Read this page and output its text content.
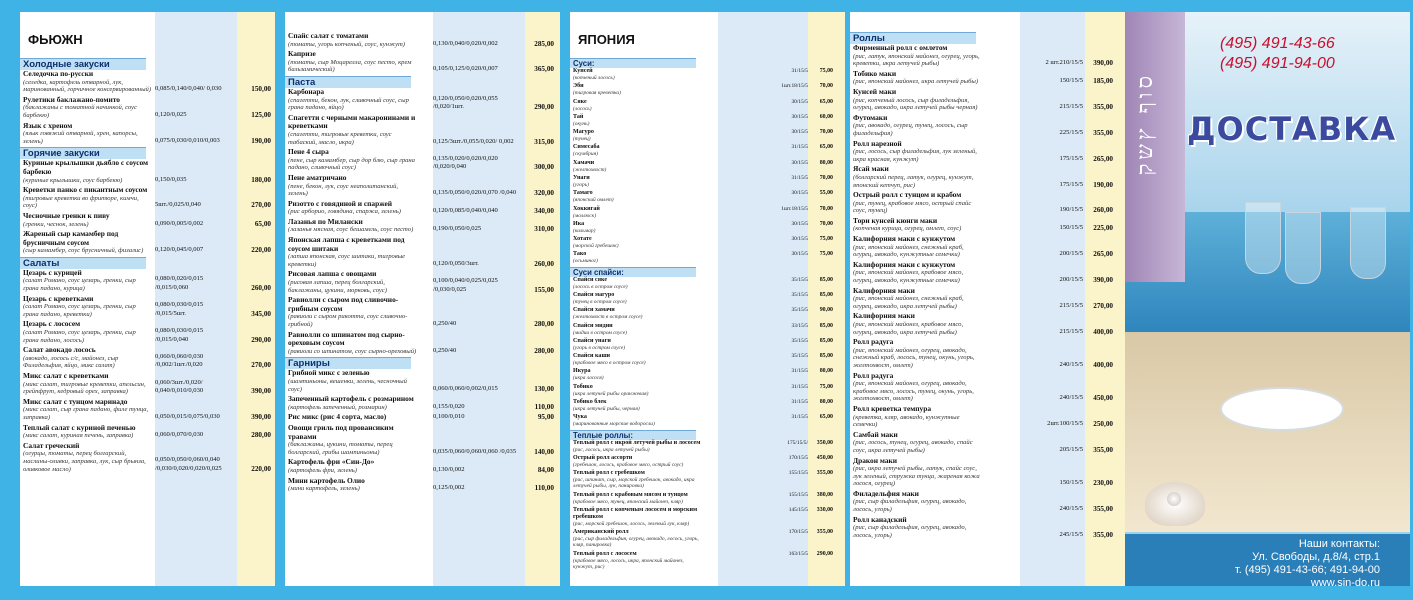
ФЬЮЖН
Холодные закуски
Селедочка по-русски
(селедка, картофель отварной, лук, маринованный, горчичное консервированный) 0,085/0,140/0,040/ 0,030	150,00
Рулетики баклажано-помито
(баклажаны с томатной начинкой, соус барбекю)	0,120/0,025	125,00
Язык с хреном
(язык говяжий отварной, хрен, капорсы, зелень)	0,075/0,030/0,010/0,003	190,00
Горячие закуски
Куриные крылышки дьябло с соусом барбекю
(куриные крылышки, соус барбекю)	0,150/0,035	180,00
Креветки панко с пикантным соусом
(тигровые креветки во фритюре, кимчи, соус)	5шт./0,025/0,040	270,00
Чесночные гренки к пиву
(гренки, чеснок, зелень)	0,090/0,005/0,002	65,00
Жареный сыр камамбер под брусничным соусом
(сыр камамбер, соус брусничный, физалис)	0,120/0,045/0,007	220,00
Салаты
Цезарь с курицей
(салат Романо, соус цезарь, гренки, сыр грана падано, курица)
0,080/0,020/0,015 /0,015/0,060	260,00
Цезарь с креветками
(салат Романо, соус цезарь, гренки, сыр грана падано, креветки)
0,080/0,030/0,015 /0,015/5шт.	345,00
Цезарь с лососем
(салат Романо, соус цезарь, гренки, сыр грана падано, лосось)
0,080/0,030/0,015 /0,015/0,040	290,00
Салат авокадо лосось
(авокадо, лосось с/с, майонез, сыр Филадельфия, яйцо, микс салат)
0,060/0,060/0,030 /0,002/1шт./0,020	270,00
Микс салат с креветками
(микс салат, тигровые креветки, апельсин, грейпфрут, кедровый орех, заправка)
0,060/3шт./0,020/ 0,040/0,010/0,030	390,00
Микс салат с тунцом маринадо
(микс салат, сыр грана падано, филе тунца, заправка)	0,050/0,015/0,075/0,030	390,00
Теплый салат с куриной печенью
(микс салат, куриная печень, заправка)	0,060/0,070/0,030	280,00
Салат греческий
(огурцы, томаты, перец болгарский, маслины-оливки, заправка, лук, сыр брынза, оливковое масло)
0,050/0,050/0,060/0,040 /0,030/0,020/0,020/0,025	220,00
Спайс салат с томатами
(томаты, угорь копченый, соус, кунжут)	0,130/0,040/0,020/0,002	285,00
Капризе
(томаты, сыр Моцарелла, соус песто, крем бальзамический)	0,105/0,125/0,020/0,007	365,00
Паста
Карбонара
(спагетти, бекон, лук, сливочный соус, сыр грана падано, яйцо)
0,120/0,050/0,020/0,055 /0,020/1шт.	290,00
Спагетти с черными макаронинами и креветками
(спагетти, тигровые креветки, соус табаский, масло, икра)	0,125/3шт./0,055/0,020/ 0,002	315,00
Пене 4 сыра
(пене, сыр камамбер, сыр дор блю, сыр грана падано, сливочный соус)
0,135/0,020/0,020/0,020 /0,020/0,040	300,00
Пене аматричано
(пене, бекон, лук, соус неаполитанский, зелень)	0,135/0,050/0,020/0,070 /0,040	320,00
Ризотто с говядиной и спаржей
(рис арборио, говядина, спаржа, зелень)	0,120/0,085/0,040/0,040	340,00
Лазанья по Милански
(лазанья мясная, соус бешамель, соус песто)	0,190/0,050/0,025	310,00
Японская лапша с креветками под соусом шитаки
(лапша японская, соус шитаки, тигровые креветки)	0,120/0,050/3шт.	260,00
Рисовая лапша с овощами
(рисовая лапша, перец болгарский, баклажаны, цукини, морковь, соус)
0,100/0,040/0,025/0,025 /0,030/0,025	155,00
Равиолли с сыром под сливочно-грибным соусом
(равиоли с сыром рикотта, соус сливочно-грибной)	0,250/40	280,00
Равиолли со шпинатом под сырно-ореховым соусом
(равиоли со шпинатом, соус сырно-ореховый)	0,250/40	280,00
Гарниры
Грибной микс с зеленью
(шампиньоны, вешенки, зелень, чесночный соус)	0,060/0,060/0,002/0,015	130,00
Запеченный картофель с розмарином
(картофель запеченный, розмарин)	0,155/0,020	110,00
Рис микс (рис 4 сорта, масло)	0,100/0,010	95,00
Овощи гриль под провансиким травами
(баклажаны, цукини, томаты, перец болгарский, грибы шампиньоны)	0,035/0,060/0,060/0,060 /0,035	140,00
Картофель фри «Син-До»
(картофель фри, зелень)	0,130/0,002	84,00
Мини картофель Олио
(мини картофель, зелень)	0,125/0,002	110,00
ЯПОНИЯ
Суси:
Кунсей
(копченый лосось)
31/15/5 75,00
Эби
(тигровая креветка)
1шт.18/15/5 70,00
Сяке
(лосось)
30/15/5 65,00
Тай
(окунь)
30/15/5 60,00
Магуро
(тунец)
30/15/5 70,00
Симесаба
(скумбрия)
31/15/5 65,00
Хамачи
(желтохвост)
30/15/5 80,00
Унаги
(угорь)
31/15/5 70,00
Тамаго
(японский омлет)
30/15/5 55,00
Хоккигай
(моллюск)
1шт.18/15/5 70,00
Ика
(кальмар)
30/15/5 70,00
Хотате
(морской гребешок)
30/15/5 75,00
Тако
(осьминог)
30/15/5 75,00
Суси спайси:
Спайси сяке
(лосось в остром соусе)
35/15/5 85,00
Спайси магуро
(тунец в остром соусе)
35/15/5 85,00
Спайси хамачи
(желтохвост в остром соусе)
35/15/5 90,00
Спайси мидии
(мидии в остром соусе)
33/15/5 85,00
Спайси унаги
(угорь в остром соусе)
35/15/5 85,00
Спайси каши
(крабовое мясо в остром соусе)
35/15/5 85,00
Икура
(икра лосося)
31/15/5 80,00
Тобико
(икра летучей рыбы оранжевая)
31/15/5 75,00
Тобико блек
(икра летучей рыбы, черная)
31/15/5 80,00
Чука
(маринованные морские водоросли)
31/15/5 65,00
Теплые роллы:
Теплый ролл с икрой летучей рыбы и лососем
(рис, лосось, икра летучей рыбы)
175/15/5/ 350,00
Острый ролл ассорти
(гребешок, лосось, крабовое мясо, острый соус)
170/15/5 450,00
Теплый ролл с гребешком
(рис, шпинат, сыр, морской гребешок, авокадо, икра летучей рыбы, лук, панировка)
155/15/5 355,00
Теплый ролл с крабовым мясом и тунцом
(крабовое мясо, тунец, японский майонез, кляр)
155/15/5 380,00
Теплый ролл с копченым лососем и морским гребешком
(рис, морской гребешок, лосось, зеленый лук, кляр)
145/15/5 330,00
Американский ролл
(рис, сыр филадельфия, огурец, авокадо, лосось, угорь, кляр, панировка)
170/15/5 355,00
Теплый ролл с лососем
(крабовое мясо, лосось, икра, японский майонез, кунжут, рис)
163/15/5 290,00
Роллы
Фирменный ролл с омлетом
(рис, латук, японский майонез, огурец, угорь, креветки, икра летучей рыбы)	2 шт.210/15/5 390,00
Тобико маки
(рис, японский майонез, икра летучей рыбы)	150/15/5 185,00
Кунсей маки
(рис, копченый лосось, сыр филадельфия, огурец, авокадо, икра летучей рыбы черная)	215/15/5 355,00
Футомаки
(рис, авокадо, огурец, тунец, лосось, сыр филадельфия)	225/15/5 355,00
Ролл нарезной
(рис, лосось, сыр филадельфия, лук зеленый, икра красная, кунжут)	175/15/5 265,00
Ясай маки
(болгарский перец, латук, огурец, кунжут, японский кетчуп, рис)	175/15/5 190,00
Острый ролл с тунцом и крабом
(рис, тунец, крабовое мясо, острый спайс соус, тунец)	190/15/5 260,00
Тори кунсей кюнги маки
(копченая курица, огурец, омлет, соус)	150/15/5 225,00
Калифорния маки с кунжутом
(рис, японский майонез, снежный краб, огурец, авокадо, кунжутные семечки)	200/15/5 265,00
Калифорния маки с кунжутом
(рис, японский майонез, крабовое мясо, огурец, авокадо, кунжутные семечки)	200/15/5 390,00
Калифорния маки
(рис, японский майонез, снежный краб, огурец, авокадо, икра летучей рыбы)	215/15/5 270,00
Калифорния маки
(рис, японский майонез, крабовое мясо, огурец, авокадо, икра летучей рыбы)	215/15/5 400,00
Ролл радуга
(рис, японский майонез, огурец, авокадо, снежный краб, лосось, тунец, окунь, угорь, желтохвост, омлет)	240/15/5 400,00
Ролл радуга
(рис, японский майонез, огурец, авокадо, крабовое мясо, лосось, тунец, окунь, угорь, желтохвост, омлет)	240/15/5 450,00
Ролл креветка темпура
(креветка, кляр, авокадо, кунжутные семечки)	2шт.100/15/5 250,00
Самбай маки
(рис, лосось, тунец, огурец, авокадо, спайс соус, икра летучей рыбы)	205/15/5 355,00
Дракон маки
(рис, икра летучей рыбы, латук, спайс соус, лук зеленый, стружка тунца, жареная кожа лосося, огурец)	150/15/5 230,00
Филадельфия маки
(рис, сыр филадельфия, огурец, авокадо, лосось, угорь)	240/15/5 355,00
Ролл канадский
(рис, сыр филадельфия, огурец, авокадо, лосось, угорь)	245/15/5 355,00
סוף ץשק
(495) 491-43-66
(495) 491-94-00
ДОСТАВКА
Наши контакты:
Ул. Свободы, д.8/4, стр.1
т. (495) 491-43-66; 491-94-00
www.sin-do.ru
